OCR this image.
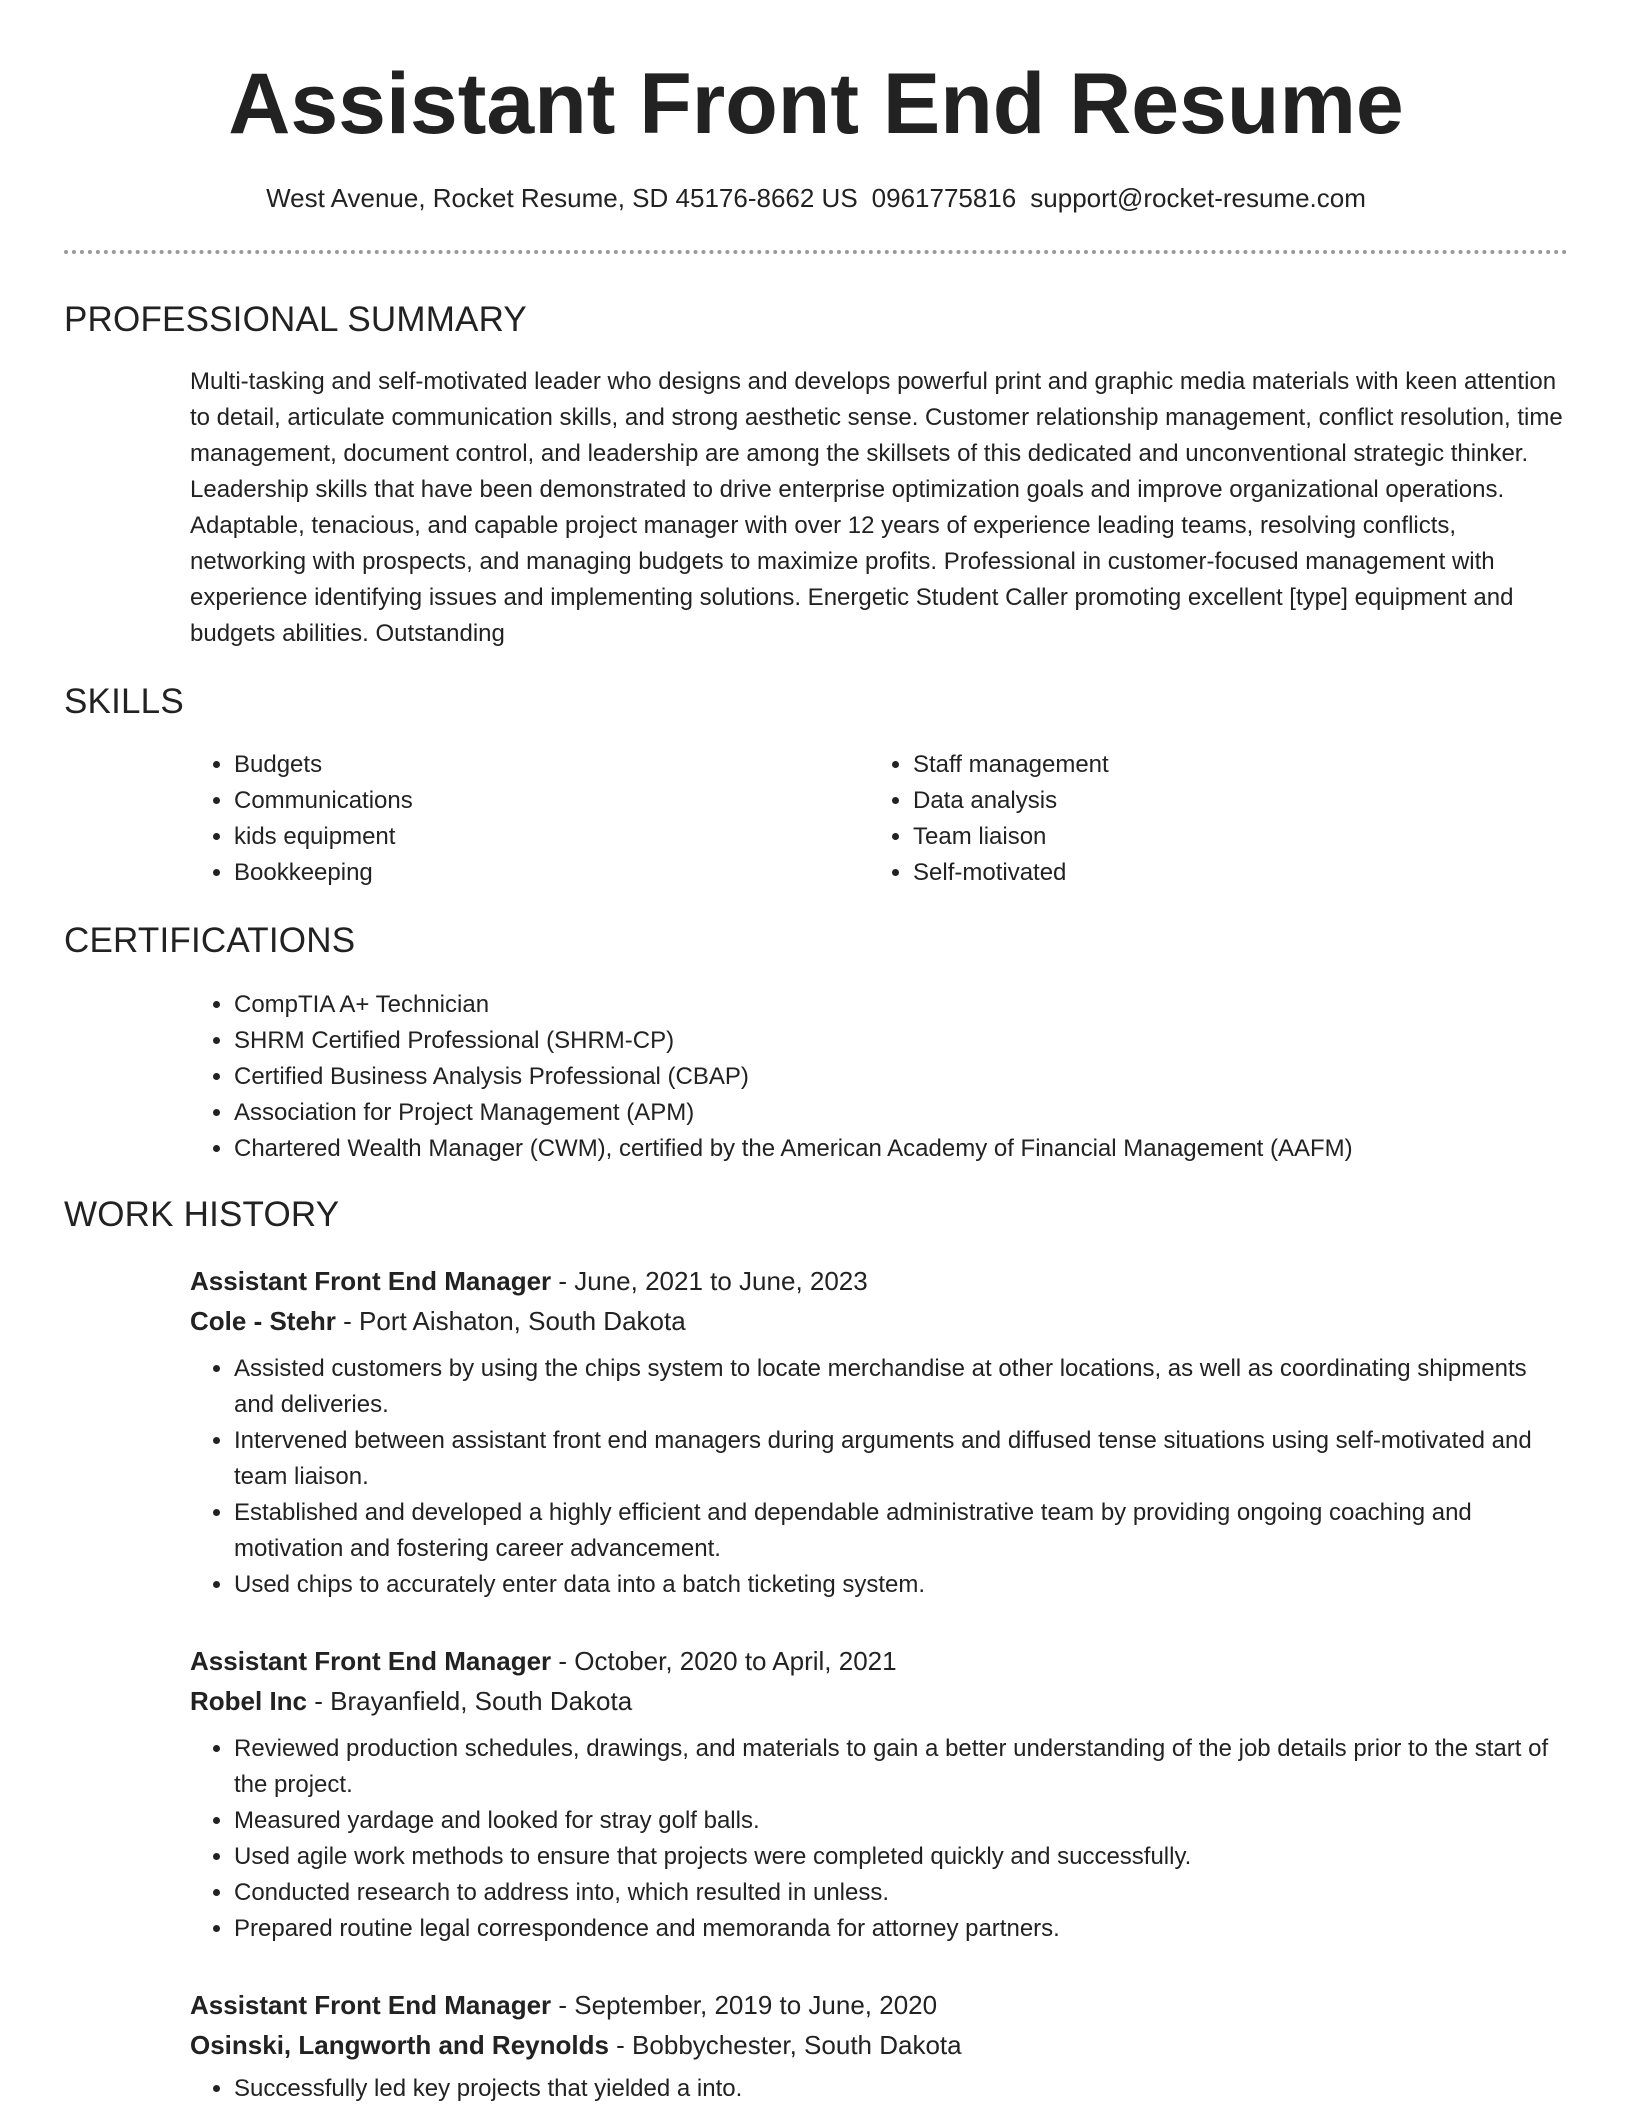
Assistant Front End Resume
West Avenue, Rocket Resume, SD 45176-8662 US 0961775816 support@rocket-resume.com
PROFESSIONAL SUMMARY

Multi-tasking and self-motivated leader who designs and develops powerful print and graphic media materials with keen attention to detail, articulate communication skills, and strong aesthetic sense. Customer relationship management, conflict resolution, time management, document control, and leadership are among the skillsets of this dedicated and unconventional strategic thinker. Leadership skills that have been demonstrated to drive enterprise optimization goals and improve organizational operations. Adaptable, tenacious, and capable project manager with over 12 years of experience leading teams, resolving conflicts, networking with prospects, and managing budgets to maximize profits. Professional in customer-focused management with experience identifying issues and implementing solutions. Energetic Student Caller promoting excellent [type] equipment and budgets abilities. Outstanding

SKILLS
• Budgets
• Communications
• kids equipment
• Bookkeeping
• Staff management
• Data analysis
• Team liaison
• Self-motivated
CERTIFICATIONS
• CompTIA A+ Technician
• SHRM Certified Professional (SHRM-CP)
• Certified Business Analysis Professional (CBAP)
• Association for Project Management (APM)
• Chartered Wealth Manager (CWM), certified by the American Academy of Financial Management (AAFM)
WORK HISTORY
Assistant Front End Manager - June, 2021 to June, 2023
Cole - Stehr - Port Aishaton, South Dakota
• Assisted customers by using the chips system to locate merchandise at other locations, as well as coordinating shipments and deliveries.
• Intervened between assistant front end managers during arguments and diffused tense situations using self-motivated and team liaison.
• Established and developed a highly efficient and dependable administrative team by providing ongoing coaching and motivation and fostering career advancement.
• Used chips to accurately enter data into a batch ticketing system.
Assistant Front End Manager - October, 2020 to April, 2021
Robel Inc - Brayanfield, South Dakota
• Reviewed production schedules, drawings, and materials to gain a better understanding of the job details prior to the start of the project.
• Measured yardage and looked for stray golf balls.
• Used agile work methods to ensure that projects were completed quickly and successfully.
• Conducted research to address into, which resulted in unless.
• Prepared routine legal correspondence and memoranda for attorney partners.
Assistant Front End Manager - September, 2019 to June, 2020
Osinski, Langworth and Reynolds - Bobbychester, South Dakota
• Successfully led key projects that yielded a into.
